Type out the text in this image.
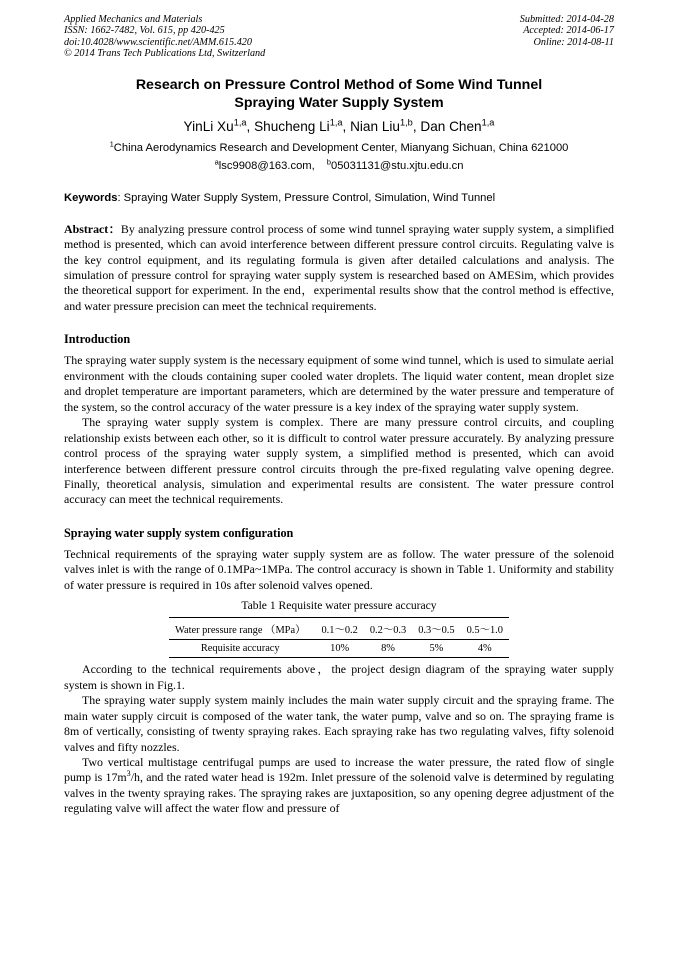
Applied Mechanics and Materials
ISSN: 1662-7482, Vol. 615, pp 420-425
doi:10.4028/www.scientific.net/AMM.615.420
© 2014 Trans Tech Publications Ltd, Switzerland
Submitted: 2014-04-28
Accepted: 2014-06-17
Online: 2014-08-11
Research on Pressure Control Method of Some Wind Tunnel
Spraying Water Supply System
YinLi Xu$^{1,a}$, Shucheng Li$^{1,a}$, Nian Liu$^{1,b}$, Dan Chen$^{1,a}$
$^1$China Aerodynamics Research and Development Center, Mianyang Sichuan, China 621000
$^a$lsc9908@163.com, $^b$05031131@stu.xjtu.edu.cn
Keywords: Spraying Water Supply System, Pressure Control, Simulation, Wind Tunnel

Abstract：By analyzing pressure control process of some wind tunnel spraying water supply system, a simplified method is presented, which can avoid interference between different pressure control circuits. Regulating valve is the key control equipment, and its regulating formula is given after detailed calculations and analysis. The simulation of pressure control for spraying water supply system is researched based on AMESim, which provides the theoretical support for experiment. In the end，experimental results show that the control method is effective, and water pressure precision can meet the technical requirements.

Introduction

The spraying water supply system is the necessary equipment of some wind tunnel, which is used to simulate aerial environment with the clouds containing super cooled water droplets. The liquid water content, mean droplet size and droplet temperature are important parameters, which are determined by the water pressure and temperature of the system, so the control accuracy of the water pressure is a key index of the spraying water supply system.

The spraying water supply system is complex. There are many pressure control circuits, and coupling relationship exists between each other, so it is difficult to control water pressure accurately. By analyzing pressure control process of the spraying water supply system, a simplified method is presented, which can avoid interference between different pressure control circuits through the pre-fixed regulating valve opening degree. Finally, theoretical analysis, simulation and experimental results are consistent. The water pressure control accuracy can meet the technical requirements.

Spraying water supply system configuration

Technical requirements of the spraying water supply system are as follow. The water pressure of the solenoid valves inlet is with the range of 0.1MPa~1MPa. The control accuracy is shown in Table 1. Uniformity and stability of water pressure is required in 10s after solenoid valves opened.

Table 1 Requisite water pressure accuracy
Water pressure range （MPa）	0.1～0.2	0.2～0.3	0.3～0.5	0.5～1.0
Requisite accuracy	10%	8%	5%	4%

According to the technical requirements above，the project design diagram of the spraying water supply system is shown in Fig.1.

The spraying water supply system mainly includes the main water supply circuit and the spraying frame. The main water supply circuit is composed of the water tank, the water pump, valve and so on. The spraying frame is 8m of vertically, consisting of twenty spraying rakes. Each spraying rake has two regulating valves, fifty solenoid valves and fifty nozzles.

Two vertical multistage centrifugal pumps are used to increase the water pressure, the rated flow of single pump is $17m^3/h$, and the rated water head is 192m. Inlet pressure of the solenoid valve is determined by regulating valves in the twenty spraying rakes. The spraying rakes are juxtaposition, so any opening degree adjustment of the regulating valve will affect the water flow and pressure of
